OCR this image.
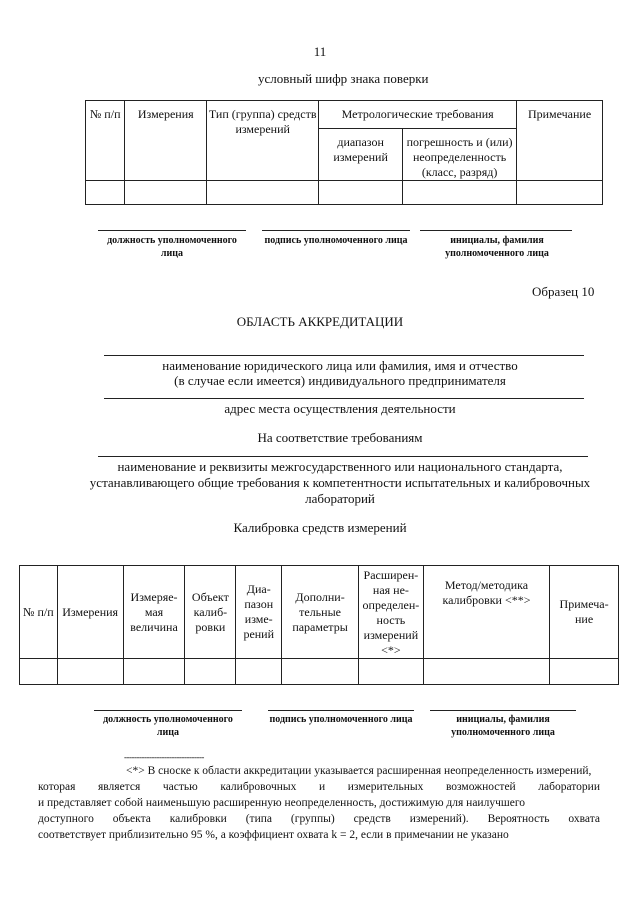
11
условный шифр знака поверки
№ п/п	Измерения	Тип (группа) средств измерений	Метрологические требования		Примечание
			диапазон измерений	погрешность и (или) неопределенность (класс, разряд)	

должность уполномоченного лица
подпись уполномоченного лица	инициалы, фамилия уполномоченного лица
Образец 10
ОБЛАСТЬ АККРЕДИТАЦИИ
наименование юридического лица или фамилия, имя и отчество
(в случае если имеется) индивидуального предпринимателя
адрес места осуществления деятельности
На соответствие требованиям
наименование и реквизиты межгосударственного или национального стандарта,
устанавливающего общие требования к компетентности испытательных и калибровочных
лабораторий
Калибровка средств измерений
№ п/п	Измерения	Измеряе- мая величина	Объект калиб- ровки	Диа- пазон изме- рений	Дополни- тельные параметры	Расширен- ная не- определен- ность измерений <*>	Метод/методика калибровки <**>	Примеча- ние

должность уполномоченного лица
подпись уполномоченного лица	инициалы, фамилия уполномоченного лица
--------------------------------
<*> В сноске к области аккредитации указывается расширенная неопределенность измерений,
которая является частью калибровочных и измерительных возможностей лаборатории
и представляет собой наименьшую расширенную неопределенность, достижимую для наилучшего
доступного объекта калибровки (типа (группы) средств измерений). Вероятность охвата
соответствует приблизительно 95 %, а коэффициент охвата k = 2, если в примечании не указано
